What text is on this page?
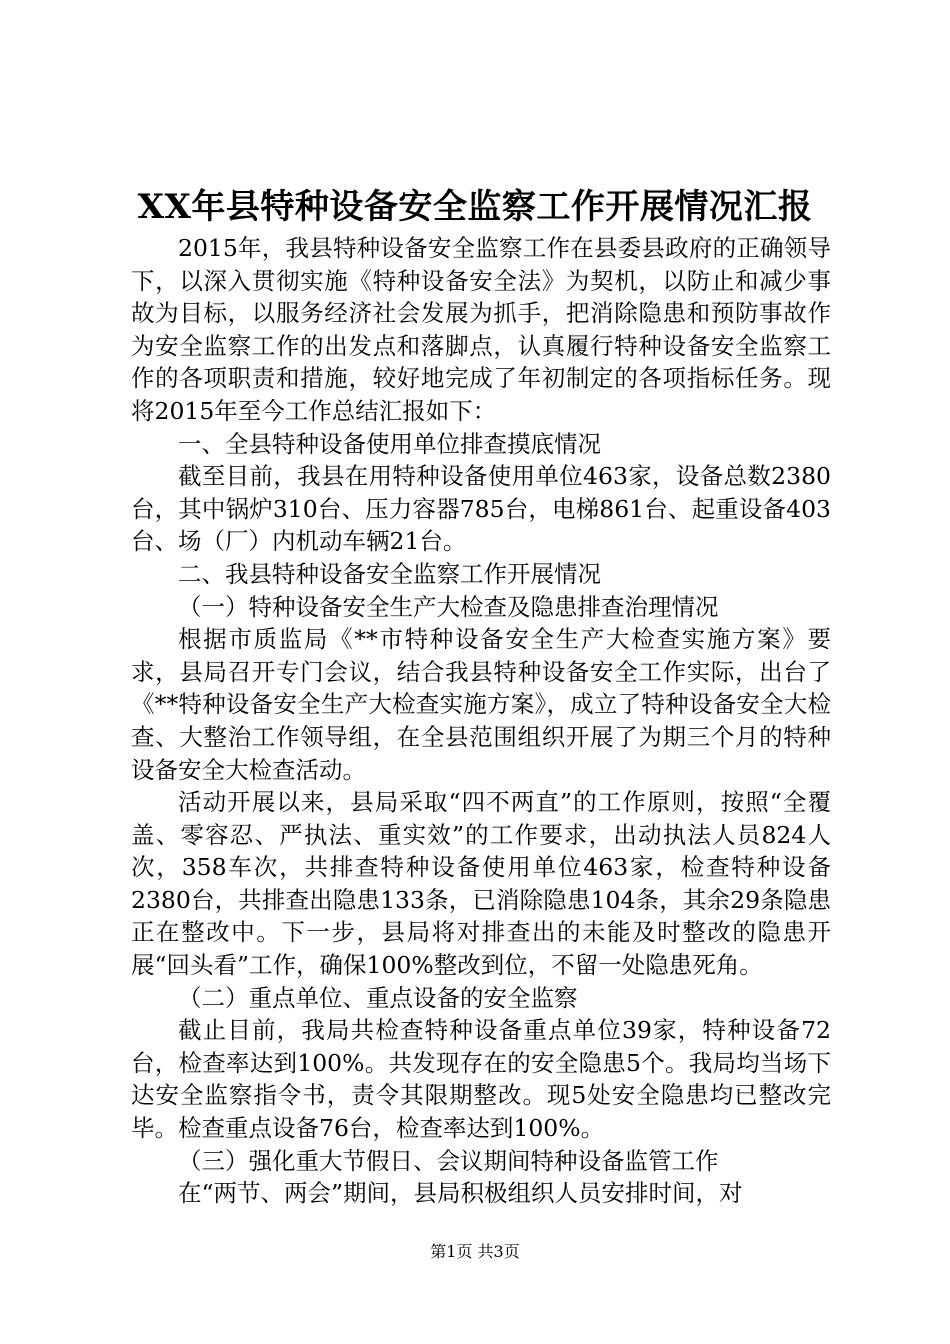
XX年县特种设备安全监察工作开展情况汇报

2015年，我县特种设备安全监察工作在县委县政府的正确领导下，以深入贯彻实施《特种设备安全法》为契机，以防止和减少事故为目标，以服务经济社会发展为抓手，把消除隐患和预防事故作为安全监察工作的出发点和落脚点，认真履行特种设备安全监察工作的各项职责和措施，较好地完成了年初制定的各项指标任务。现将2015年至今工作总结汇报如下：

一、全县特种设备使用单位排查摸底情况

截至目前，我县在用特种设备使用单位463家，设备总数2380台，其中锅炉310台、压力容器785台，电梯861台、起重设备403台、场（厂）内机动车辆21台。

二、我县特种设备安全监察工作开展情况

（一）特种设备安全生产大检查及隐患排查治理情况

根据市质监局《**市特种设备安全生产大检查实施方案》要求，县局召开专门会议，结合我县特种设备安全工作实际，出台了《**特种设备安全生产大检查实施方案》，成立了特种设备安全大检查、大整治工作领导组，在全县范围组织开展了为期三个月的特种设备安全大检查活动。

活动开展以来，县局采取“四不两直”的工作原则，按照“全覆盖、零容忍、严执法、重实效”的工作要求，出动执法人员824人次，358车次，共排查特种设备使用单位463家，检查特种设备2380台，共排查出隐患133条，已消除隐患104条，其余29条隐患正在整改中。下一步，县局将对排查出的未能及时整改的隐患开展“回头看”工作，确保100%整改到位，不留一处隐患死角。

（二）重点单位、重点设备的安全监察

截止目前，我局共检查特种设备重点单位39家，特种设备72台，检查率达到100%。共发现存在的安全隐患5个。我局均当场下达安全监察指令书，责令其限期整改。现5处安全隐患均已整改完毕。检查重点设备76台，检查率达到100%。

（三）强化重大节假日、会议期间特种设备监管工作

在“两节、两会”期间，县局积极组织人员安排时间，对

第1页 共3页
